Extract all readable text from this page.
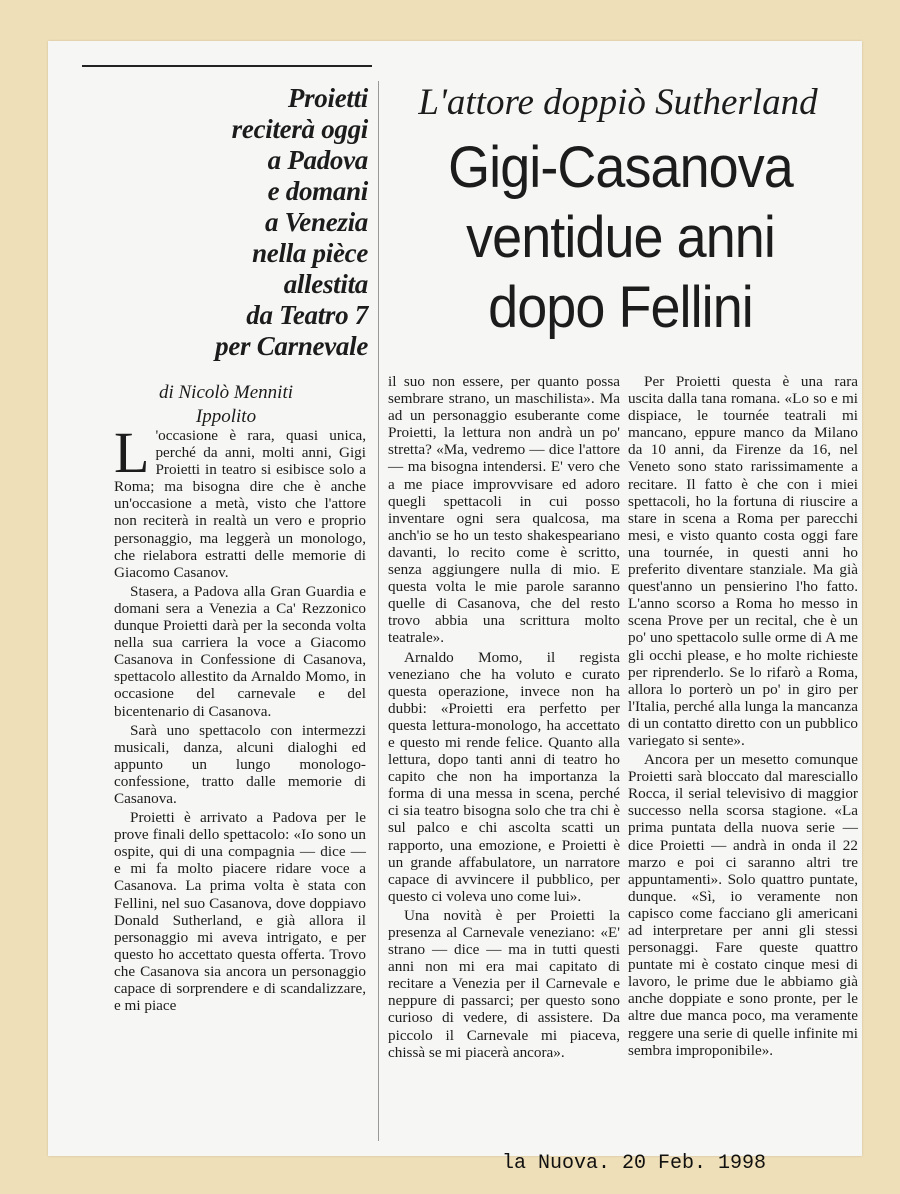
Proietti
reciterà oggi
a Padova
e domani
a Venezia
nella pièce
allestita
da Teatro 7
per Carnevale
L'attore doppiò Sutherland
Gigi-Casanova
ventidue anni
dopo Fellini
di Nicolò Menniti
Ippolito

L 'occasione è rara, quasi unica, perché da anni, molti anni, Gigi Proietti in teatro si esibisce solo a Roma; ma bisogna dire che è anche un'occasione a metà, visto che l'attore non reciterà in realtà un vero e proprio personaggio, ma leggerà un monologo, che rielabora estratti delle memorie di Giacomo Casanov.

Stasera, a Padova alla Gran Guardia e domani sera a Venezia a Ca' Rezzonico dunque Proietti darà per la seconda volta nella sua carriera la voce a Giacomo Casanova in Confessione di Casanova, spettacolo allestito da Arnaldo Momo, in occasione del carnevale e del bicentenario di Casanova.

Sarà uno spettacolo con intermezzi musicali, danza, alcuni dialoghi ed appunto un lungo monologo-confessione, tratto dalle memorie di Casanova.

Proietti è arrivato a Padova per le prove finali dello spettacolo: «Io sono un ospite, qui di una compagnia — dice — e mi fa molto piacere ridare voce a Casanova. La prima volta è stata con Fellini, nel suo Casanova, dove doppiavo Donald Sutherland, e già allora il personaggio mi aveva intrigato, e per questo ho accettato questa offerta. Trovo che Casanova sia ancora un personaggio capace di sorprendere e di scandalizzare, e mi piace

il suo non essere, per quanto possa sembrare strano, un maschilista». Ma ad un personaggio esuberante come Proietti, la lettura non andrà un po' stretta? «Ma, vedremo — dice l'attore — ma bisogna intendersi. E' vero che a me piace improvvisare ed adoro quegli spettacoli in cui posso inventare ogni sera qualcosa, ma anch'io se ho un testo shakespeariano davanti, lo recito come è scritto, senza aggiungere nulla di mio. E questa volta le mie parole saranno quelle di Casanova, che del resto trovo abbia una scrittura molto teatrale».

Arnaldo Momo, il regista veneziano che ha voluto e curato questa operazione, invece non ha dubbi: «Proietti era perfetto per questa lettura-monologo, ha accettato e questo mi rende felice. Quanto alla lettura, dopo tanti anni di teatro ho capito che non ha importanza la forma di una messa in scena, perché ci sia teatro bisogna solo che tra chi è sul palco e chi ascolta scatti un rapporto, una emozione, e Proietti è un grande affabulatore, un narratore capace di avvincere il pubblico, per questo ci voleva uno come lui».

Una novità è per Proietti la presenza al Carnevale veneziano: «E' strano — dice — ma in tutti questi anni non mi era mai capitato di recitare a Venezia per il Carnevale e neppure di passarci; per questo sono curioso di vedere, di assistere. Da piccolo il Carnevale mi piaceva, chissà se mi piacerà ancora».

Per Proietti questa è una rara uscita dalla tana romana. «Lo so e mi dispiace, le tournée teatrali mi mancano, eppure manco da Milano da 10 anni, da Firenze da 16, nel Veneto sono stato rarissimamente a recitare. Il fatto è che con i miei spettacoli, ho la fortuna di riuscire a stare in scena a Roma per parecchi mesi, e visto quanto costa oggi fare una tournée, in questi anni ho preferito diventare stanziale. Ma già quest'anno un pensierino l'ho fatto. L'anno scorso a Roma ho messo in scena Prove per un recital, che è un po' uno spettacolo sulle orme di A me gli occhi please, e ho molte richieste per riprenderlo. Se lo rifarò a Roma, allora lo porterò un po' in giro per l'Italia, perché alla lunga la mancanza di un contatto diretto con un pubblico variegato si sente».

Ancora per un mesetto comunque Proietti sarà bloccato dal maresciallo Rocca, il serial televisivo di maggior successo nella scorsa stagione. «La prima puntata della nuova serie — dice Proietti — andrà in onda il 22 marzo e poi ci saranno altri tre appuntamenti». Solo quattro puntate, dunque. «Sì, io veramente non capisco come facciano gli americani ad interpretare per anni gli stessi personaggi. Fare queste quattro puntate mi è costato cinque mesi di lavoro, le prime due le abbiamo già anche doppiate e sono pronte, per le altre due manca poco, ma veramente reggere una serie di quelle infinite mi sembra improponibile».

la Nuova. 20 Feb. 1998
